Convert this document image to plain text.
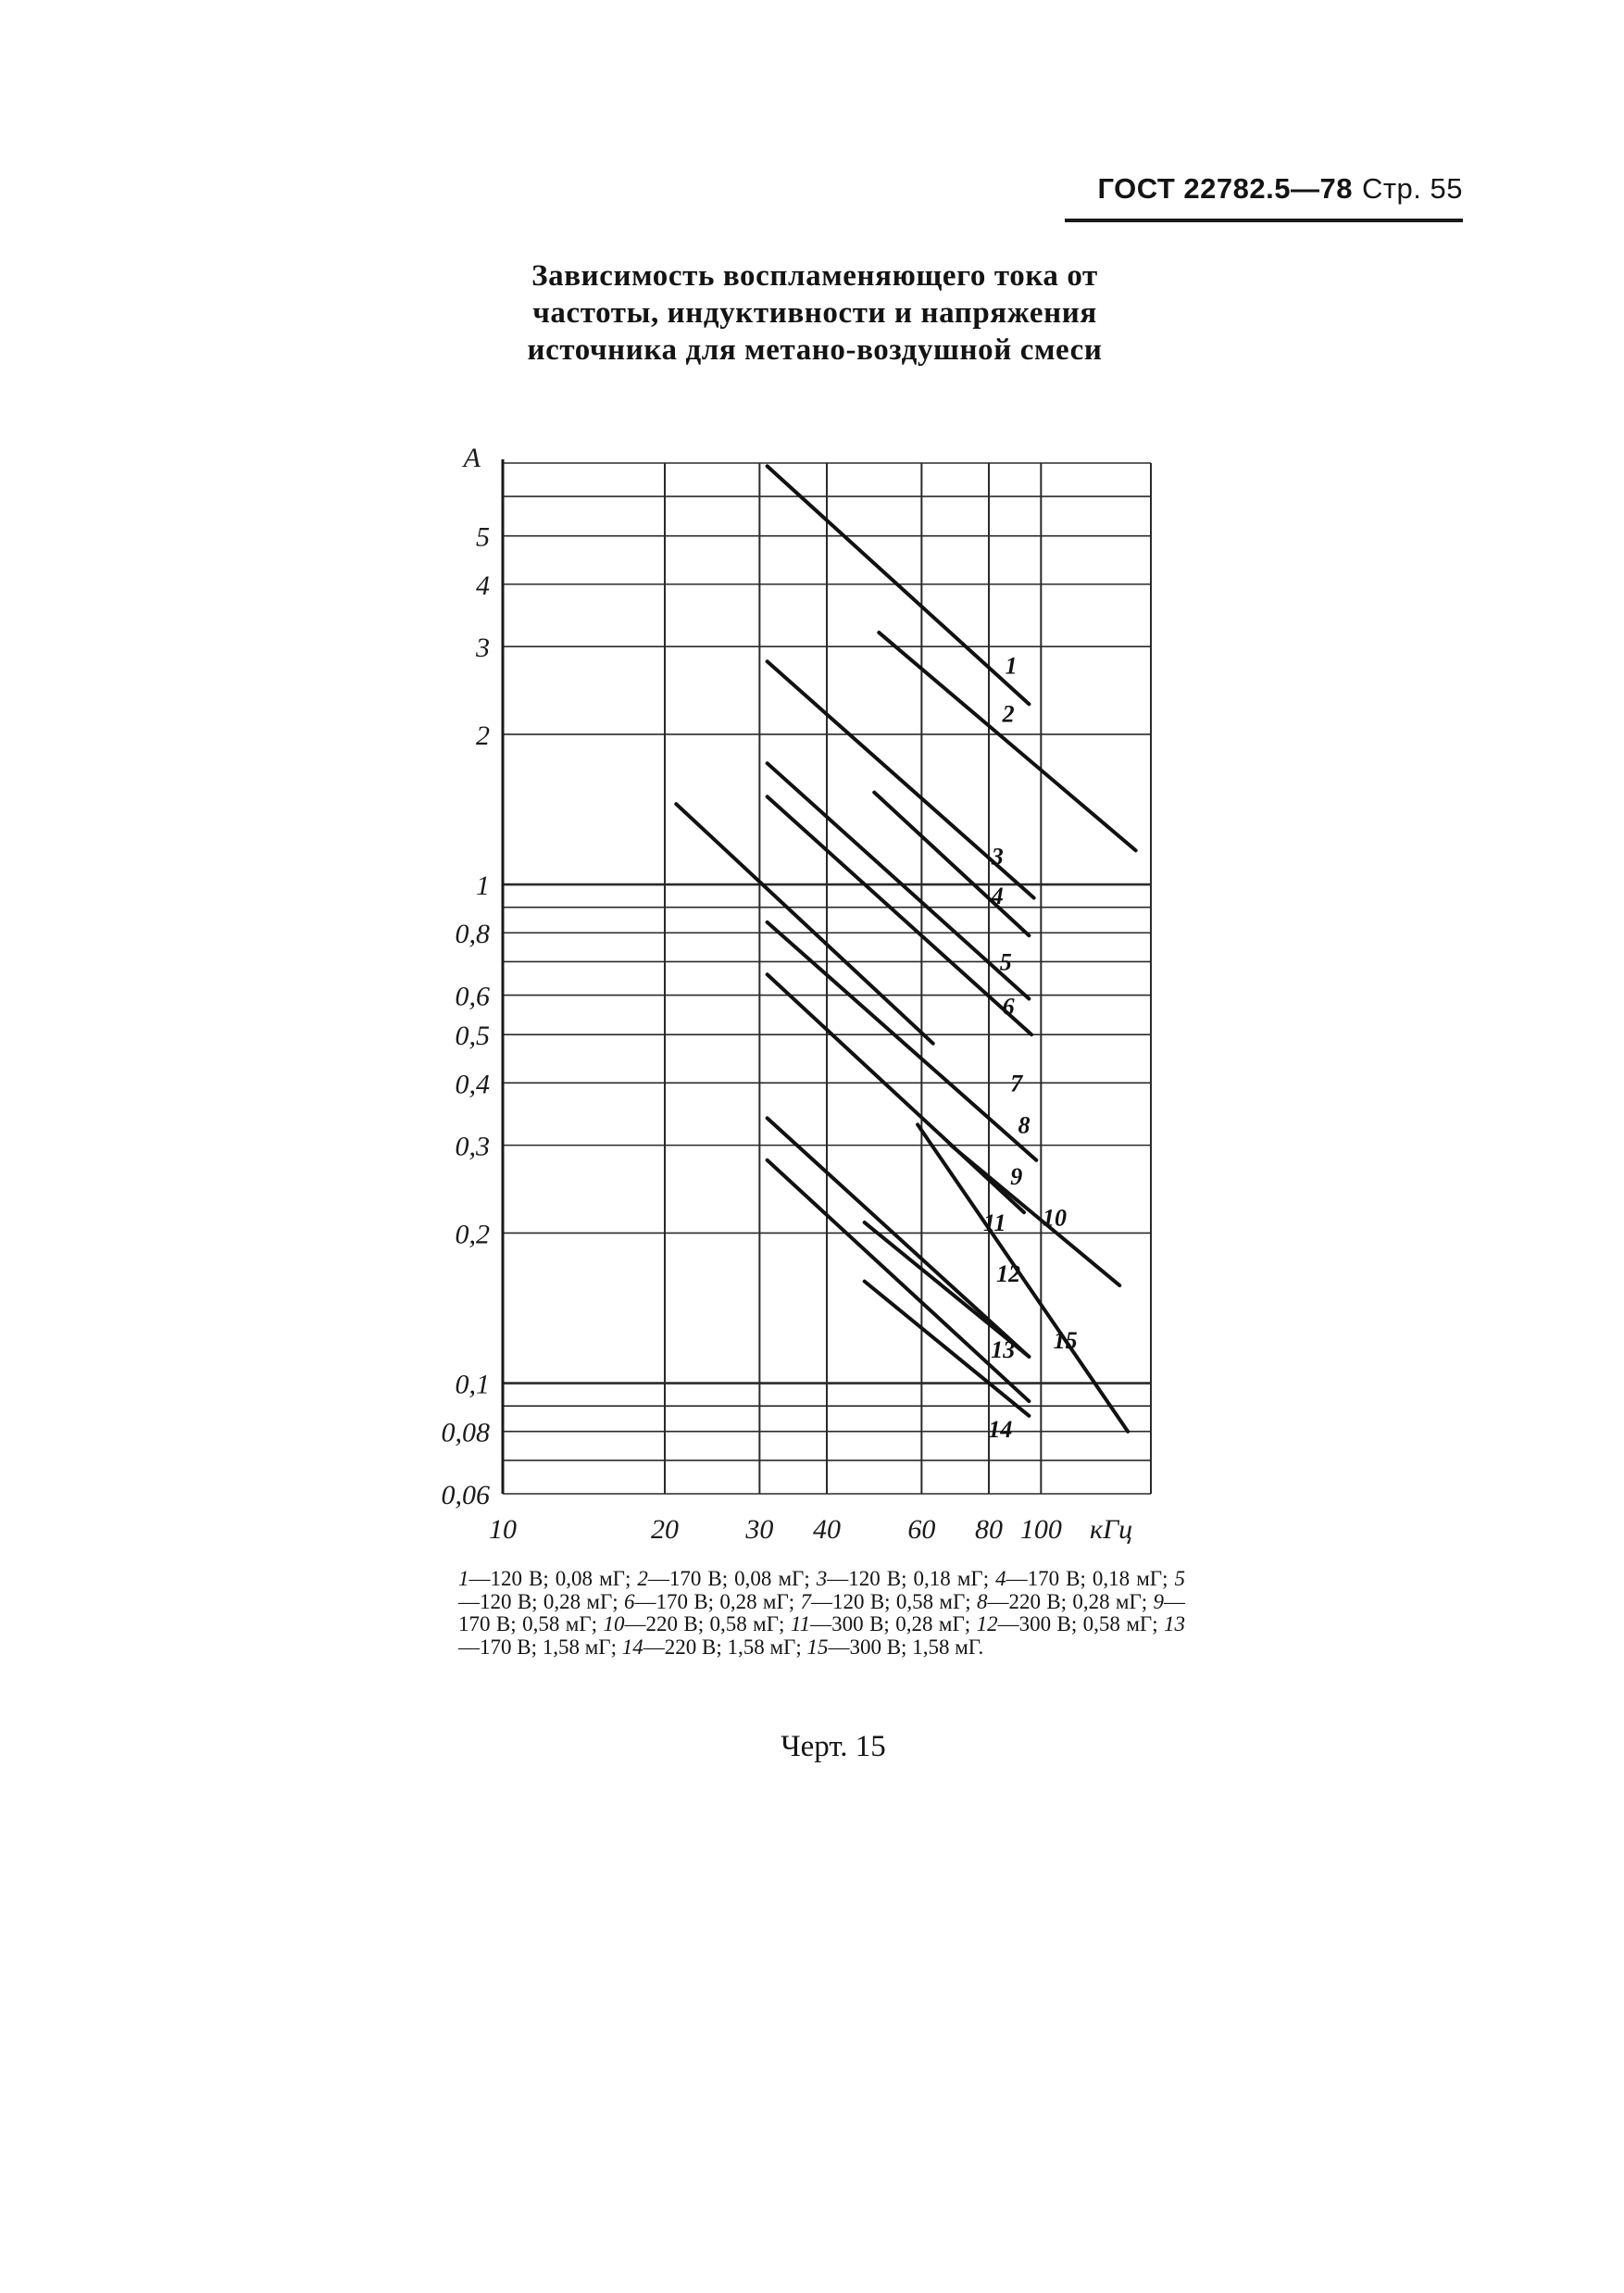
ГОСТ 22782.5—78 Стр. 55
Зависимость воспламеняющего тока от
частоты, индуктивности и напряжения
источника для метано-воздушной смеси
0,06
0,08
0,1
0,2
0,3
0,4
0,5
0,6
0,8
1
2
3
4
5
10	20 30 40 60 80 100
A
кГц
1
2
3
4
5
6
7
8
9
10
11
12
13
14
15
1—120 В; 0,08 мГ; 2—170 В; 0,08 мГ; 3—120 В; 0,18 мГ; 4—170 В; 0,18 мГ; 5—120 В; 0,28 мГ; 6—170 В; 0,28 мГ; 7—120 В; 0,58 мГ; 8—220 В; 0,28 мГ; 9—170 В; 0,58 мГ; 10—220 В; 0,58 мГ; 11—300 В; 0,28 мГ; 12—300 В; 0,58 мГ; 13—170 В; 1,58 мГ; 14—220 В; 1,58 мГ; 15—300 В; 1,58 мГ.
Черт. 15
